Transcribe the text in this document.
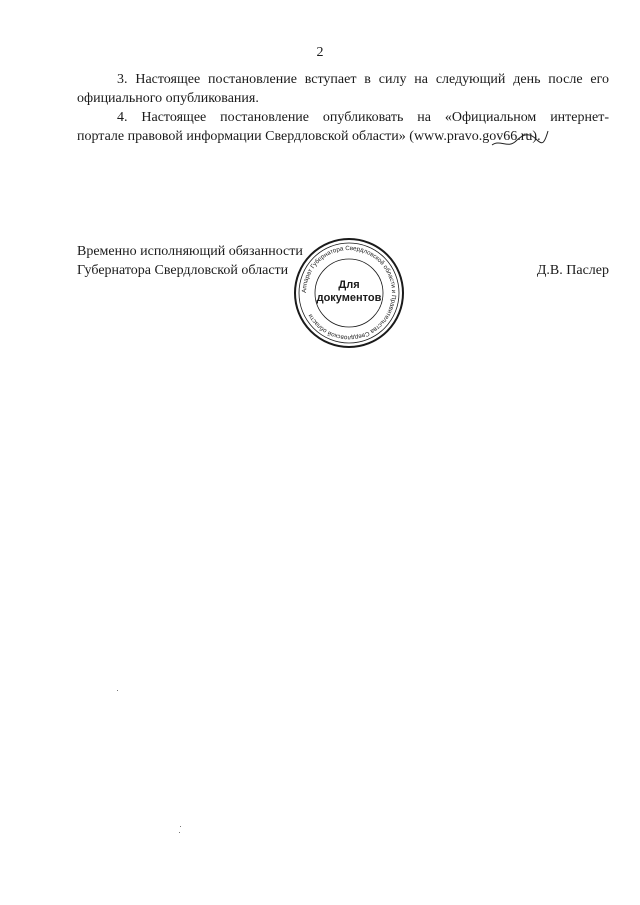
2

3. Настоящее постановление вступает в силу на следующий день после его

официального опубликования.

4. Настоящее постановление опубликовать на «Официальном интернет-

портале правовой информации Свердловской области» (www.pravo.gov66.ru).

Временно исполняющий обязанности
Губернатора Свердловской области	Д.В. Паслер
Аппарат Губернатора Свердловской области и Правительства Свердловской области
Для
документов
